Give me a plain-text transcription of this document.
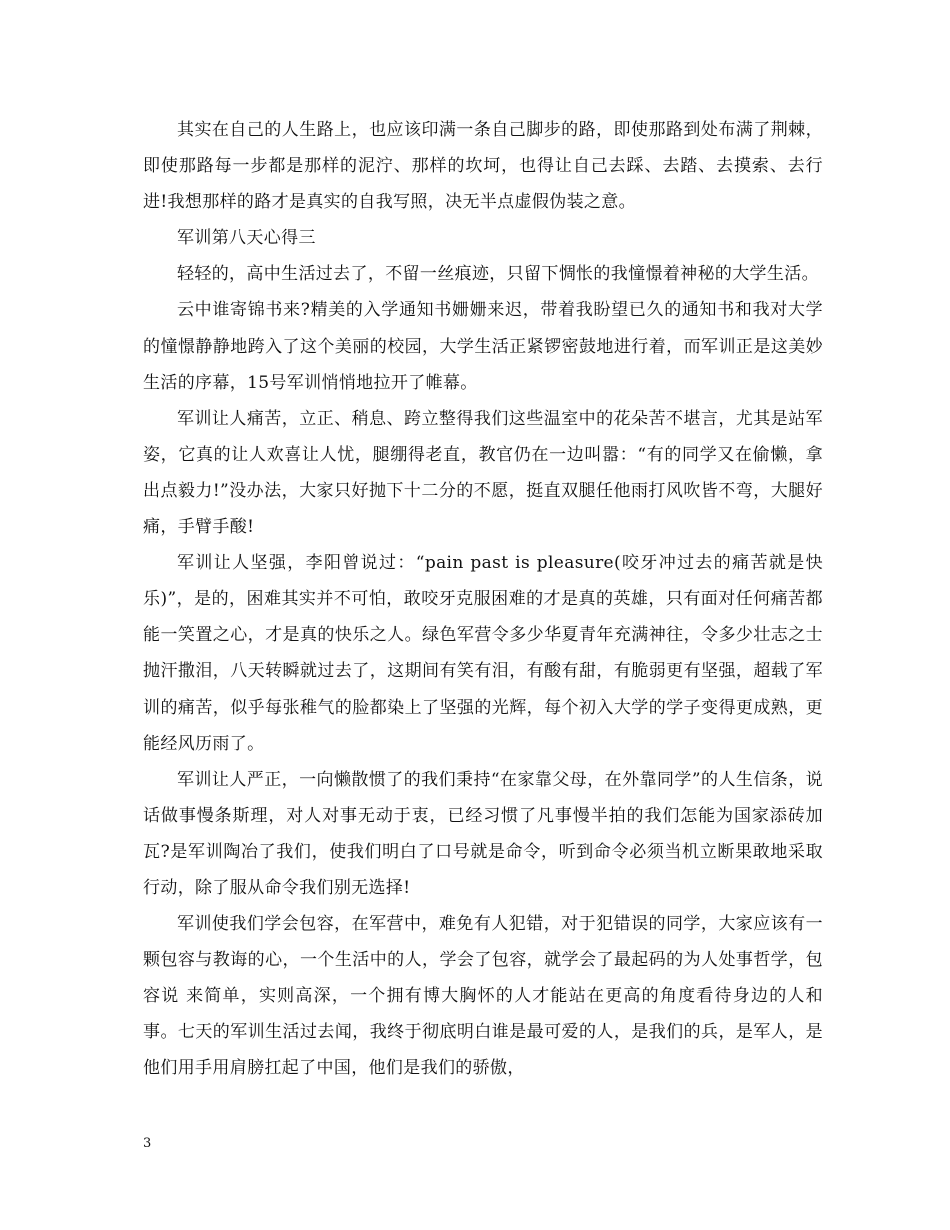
其实在自己的人生路上，也应该印满一条自己脚步的路，即使那路到处布满了荆棘，即使那路每一步都是那样的泥泞、那样的坎坷，也得让自己去踩、去踏、去摸索、去行进!我想那样的路才是真实的自我写照，决无半点虚假伪装之意。

军训第八天心得三

轻轻的，高中生活过去了，不留一丝痕迹，只留下惆怅的我憧憬着神秘的大学生活。

云中谁寄锦书来?精美的入学通知书姗姗来迟，带着我盼望已久的通知书和我对大学的憧憬静静地跨入了这个美丽的校园，大学生活正紧锣密鼓地进行着，而军训正是这美妙生活的序幕，15号军训悄悄地拉开了帷幕。

军训让人痛苦，立正、稍息、跨立整得我们这些温室中的花朵苦不堪言，尤其是站军姿，它真的让人欢喜让人忧，腿绷得老直，教官仍在一边叫嚣：“有的同学又在偷懒，拿出点毅力!”没办法，大家只好抛下十二分的不愿，挺直双腿任他雨打风吹皆不弯，大腿好痛，手臂手酸!

军训让人坚强，李阳曾说过：“pain past is pleasure(咬牙冲过去的痛苦就是快乐)”，是的，困难其实并不可怕，敢咬牙克服困难的才是真的英雄，只有面对任何痛苦都能一笑置之心，才是真的快乐之人。绿色军营令多少华夏青年充满神往，令多少壮志之士抛汗撒泪，八天转瞬就过去了，这期间有笑有泪，有酸有甜，有脆弱更有坚强，超载了军训的痛苦，似乎每张稚气的脸都染上了坚强的光辉，每个初入大学的学子变得更成熟，更能经风历雨了。

军训让人严正，一向懒散惯了的我们秉持“在家靠父母，在外靠同学”的人生信条，说话做事慢条斯理，对人对事无动于衷，已经习惯了凡事慢半拍的我们怎能为国家添砖加瓦?是军训陶冶了我们，使我们明白了口号就是命令，听到命令必须当机立断果敢地采取行动，除了服从命令我们别无选择!

军训使我们学会包容，在军营中，难免有人犯错，对于犯错误的同学，大家应该有一颗包容与教诲的心，一个生活中的人，学会了包容，就学会了最起码的为人处事哲学，包容说 来简单，实则高深，一个拥有博大胸怀的人才能站在更高的角度看待身边的人和事。七天的军训生活过去闻，我终于彻底明白谁是最可爱的人，是我们的兵，是军人，是他们用手用肩膀扛起了中国，他们是我们的骄傲，

3
